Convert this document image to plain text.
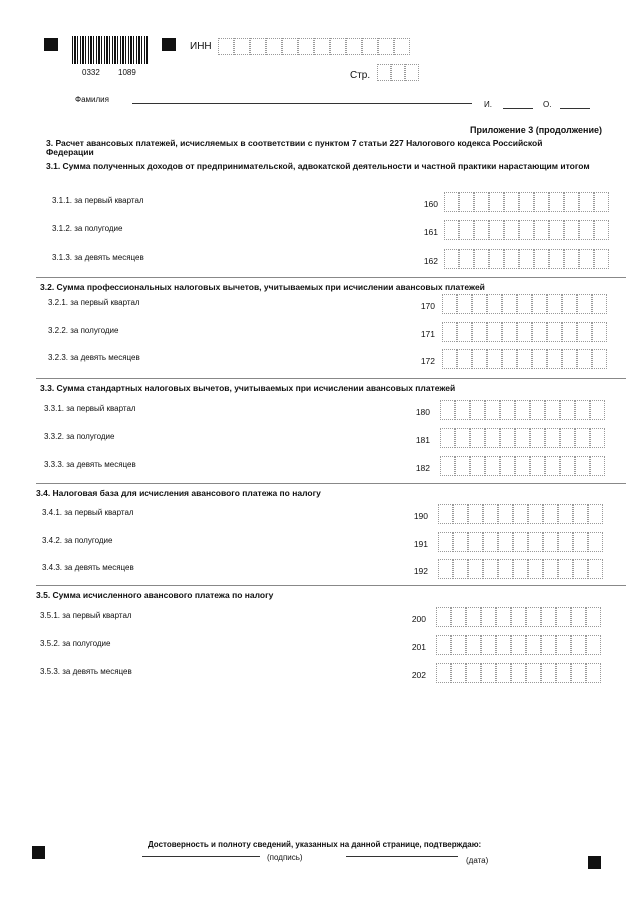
0332 1089
ИНН
Стр.
Фамилия
И.	О.
Приложение 3 (продолжение)
3. Расчет авансовых платежей, исчисляемых в соответствии с пунктом 7 статьи 227 Налогового кодекса Российской Федерации
3.1. Сумма полученных доходов от предпринимательской, адвокатской деятельности и частной практики нарастающим итогом
3.1.1. за первый квартал	160
3.1.2. за полугодие	161
3.1.3. за девять месяцев	162
3.2. Сумма профессиональных налоговых вычетов, учитываемых при исчислении авансовых платежей
3.2.1. за первый квартал	170
3.2.2. за полугодие	171
3.2.3. за девять месяцев	172
3.3. Сумма стандартных налоговых вычетов, учитываемых при исчислении авансовых платежей
3.3.1. за первый квартал	180
3.3.2. за полугодие	181
3.3.3. за девять месяцев	182
3.4. Налоговая база для исчисления авансового платежа по налогу
3.4.1. за первый квартал	190
3.4.2. за полугодие	191
3.4.3. за девять месяцев	192
3.5. Сумма исчисленного авансового платежа по налогу
3.5.1. за первый квартал	200
3.5.2. за полугодие	201
3.5.3. за девять месяцев	202
Достоверность и полноту сведений, указанных на данной странице, подтверждаю:
(подпись)	(дата)
